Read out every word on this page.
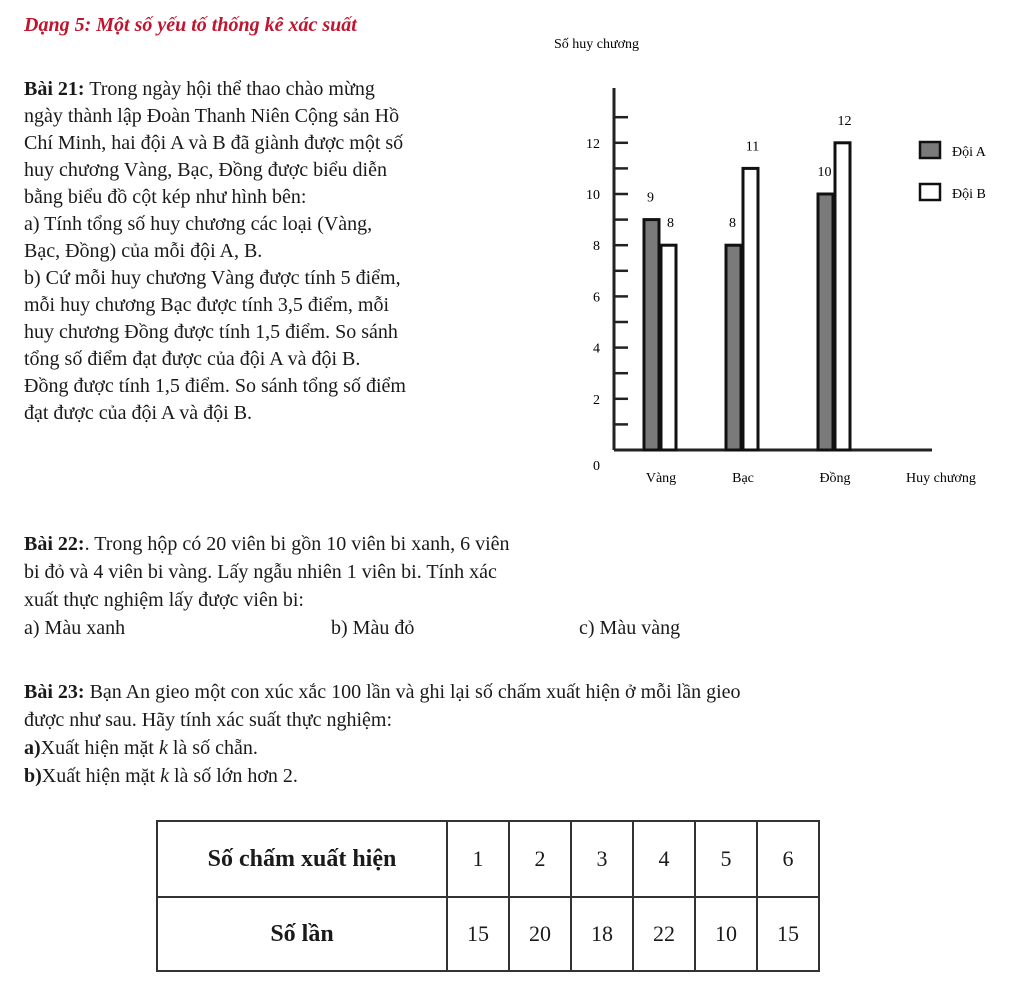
Dạng 5: Một số yếu tố thống kê xác suất

Bài 21: Trong ngày hội thể thao chào mừng

ngày thành lập Đoàn Thanh Niên Cộng sản Hồ

Chí Minh, hai đội A và B đã giành được một số

huy chương Vàng, Bạc, Đồng được biểu diễn

bằng biểu đồ cột kép như hình bên:

a) Tính tổng số huy chương các loại (Vàng,

Bạc, Đồng) của mỗi đội A, B.

b) Cứ mỗi huy chương Vàng được tính 5 điểm,

mỗi huy chương Bạc được tính 3,5 điểm, mỗi

huy chương Đồng được tính 1,5 điểm. So sánh

tổng số điểm đạt được của đội A và đội B.

Đồng được tính 1,5 điểm. So sánh tổng số điểm

đạt được của đội A và đội B.

0
2
4
6
8
10
12
Số huy chương
Huy chương
9
8
Vàng
8
11
Bạc
10
12
Đồng
Đội A
Đội B

Bài 22:. Trong hộp có 20 viên bi gồn 10 viên bi xanh, 6 viên

bi đỏ và 4 viên bi vàng. Lấy ngẫu nhiên 1 viên bi. Tính xác

xuất thực nghiệm lấy được viên bi:

a) Màu xanh	b) Màu đỏ	c) Màu vàng

Bài 23: Bạn An gieo một con xúc xắc 100 lần và ghi lại số chấm xuất hiện ở mỗi lần gieo

được như sau. Hãy tính xác suất thực nghiệm:

a)Xuất hiện mặt k là số chẵn.

b)Xuất hiện mặt k là số lớn hơn 2.

Số chấm xuất hiện	1	2	3	4	5	6
Số lần	15	20	18	22	10	15
